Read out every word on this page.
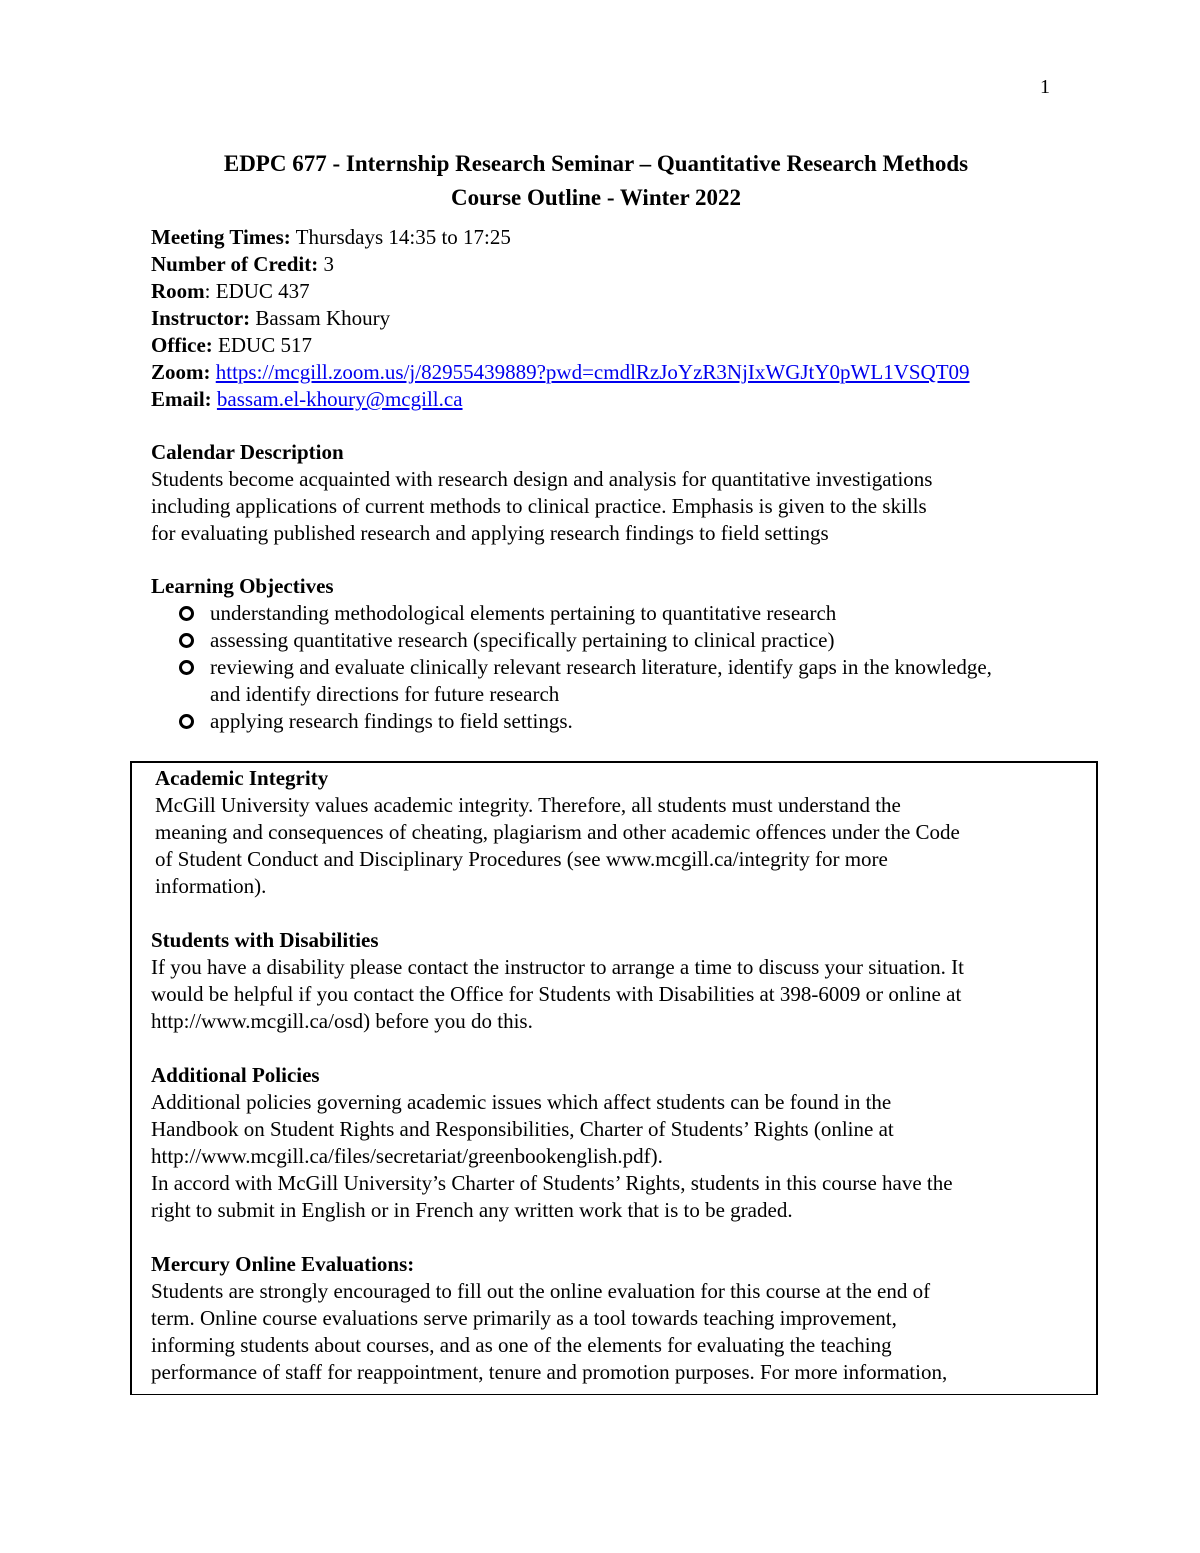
1
EDPC 677 - Internship Research Seminar – Quantitative Research Methods
Course Outline - Winter 2022
Meeting Times: Thursdays 14:35 to 17:25
Number of Credit: 3
Room: EDUC 437
Instructor: Bassam Khoury
Office: EDUC 517
Zoom: https://mcgill.zoom.us/j/82955439889?pwd=cmdlRzJoYzR3NjIxWGJtY0pWL1VSQT09
Email: bassam.el-khoury@mcgill.ca
Calendar Description
Students become acquainted with research design and analysis for quantitative investigations
including applications of current methods to clinical practice. Emphasis is given to the skills
for evaluating published research and applying research findings to field settings
Learning Objectives
understanding methodological elements pertaining to quantitative research
assessing quantitative research (specifically pertaining to clinical practice)
reviewing and evaluate clinically relevant research literature, identify gaps in the knowledge, and identify directions for future research
applying research findings to field settings.
Academic Integrity
McGill University values academic integrity. Therefore, all students must understand the
meaning and consequences of cheating, plagiarism and other academic offences under the Code
of Student Conduct and Disciplinary Procedures (see www.mcgill.ca/integrity for more
information).
Students with Disabilities
If you have a disability please contact the instructor to arrange a time to discuss your situation. It
would be helpful if you contact the Office for Students with Disabilities at 398-6009 or online at
http://www.mcgill.ca/osd) before you do this.
Additional Policies
Additional policies governing academic issues which affect students can be found in the
Handbook on Student Rights and Responsibilities, Charter of Students’ Rights (online at
http://www.mcgill.ca/files/secretariat/greenbookenglish.pdf).
In accord with McGill University’s Charter of Students’ Rights, students in this course have the
right to submit in English or in French any written work that is to be graded.
Mercury Online Evaluations:
Students are strongly encouraged to fill out the online evaluation for this course at the end of
term. Online course evaluations serve primarily as a tool towards teaching improvement,
informing students about courses, and as one of the elements for evaluating the teaching
performance of staff for reappointment, tenure and promotion purposes. For more information,
